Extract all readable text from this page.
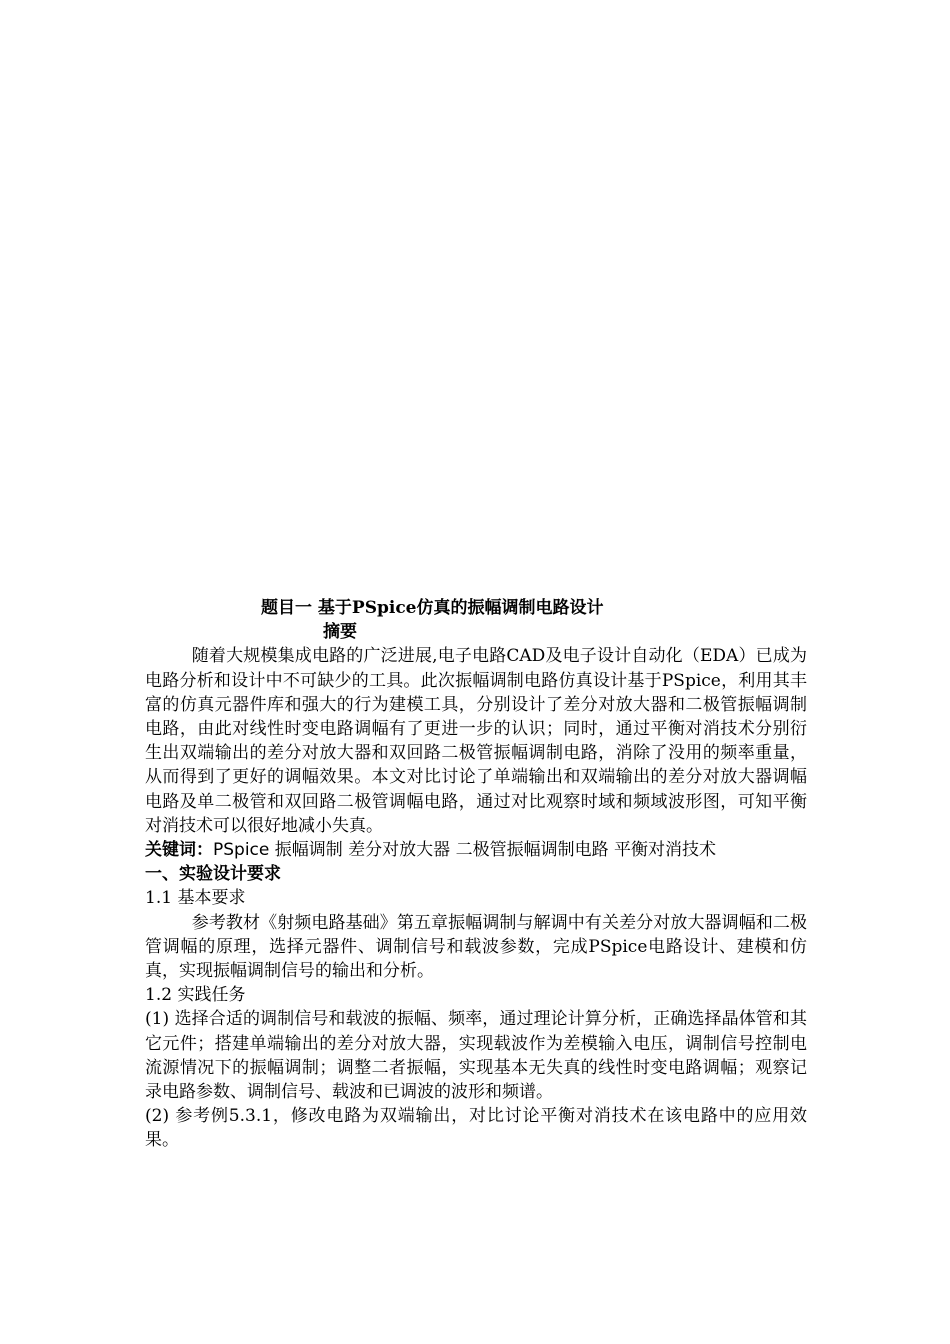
题目一 基于PSpice仿真的振幅调制电路设计
摘要

随着大规模集成电路的广泛进展,电子电路CAD及电子设计自动化（EDA）已成为电路分析和设计中不可缺少的工具。此次振幅调制电路仿真设计基于PSpice，利用其丰富的仿真元器件库和强大的行为建模工具，分别设计了差分对放大器和二极管振幅调制电路，由此对线性时变电路调幅有了更进一步的认识；同时，通过平衡对消技术分别衍生出双端输出的差分对放大器和双回路二极管振幅调制电路，消除了没用的频率重量，从而得到了更好的调幅效果。本文对比讨论了单端输出和双端输出的差分对放大器调幅电路及单二极管和双回路二极管调幅电路，通过对比观察时域和频域波形图，可知平衡对消技术可以很好地减小失真。

关键词：PSpice 振幅调制 差分对放大器 二极管振幅调制电路 平衡对消技术
一、实验设计要求
1.1 基本要求

参考教材《射频电路基础》第五章振幅调制与解调中有关差分对放大器调幅和二极管调幅的原理，选择元器件、调制信号和载波参数，完成PSpice电路设计、建模和仿真，实现振幅调制信号的输出和分析。

1.2 实践任务

(1) 选择合适的调制信号和载波的振幅、频率，通过理论计算分析，正确选择晶体管和其它元件；搭建单端输出的差分对放大器，实现载波作为差模输入电压，调制信号控制电流源情况下的振幅调制；调整二者振幅，实现基本无失真的线性时变电路调幅；观察记录电路参数、调制信号、载波和已调波的波形和频谱。

(2) 参考例5.3.1，修改电路为双端输出，对比讨论平衡对消技术在该电路中的应用效果。
